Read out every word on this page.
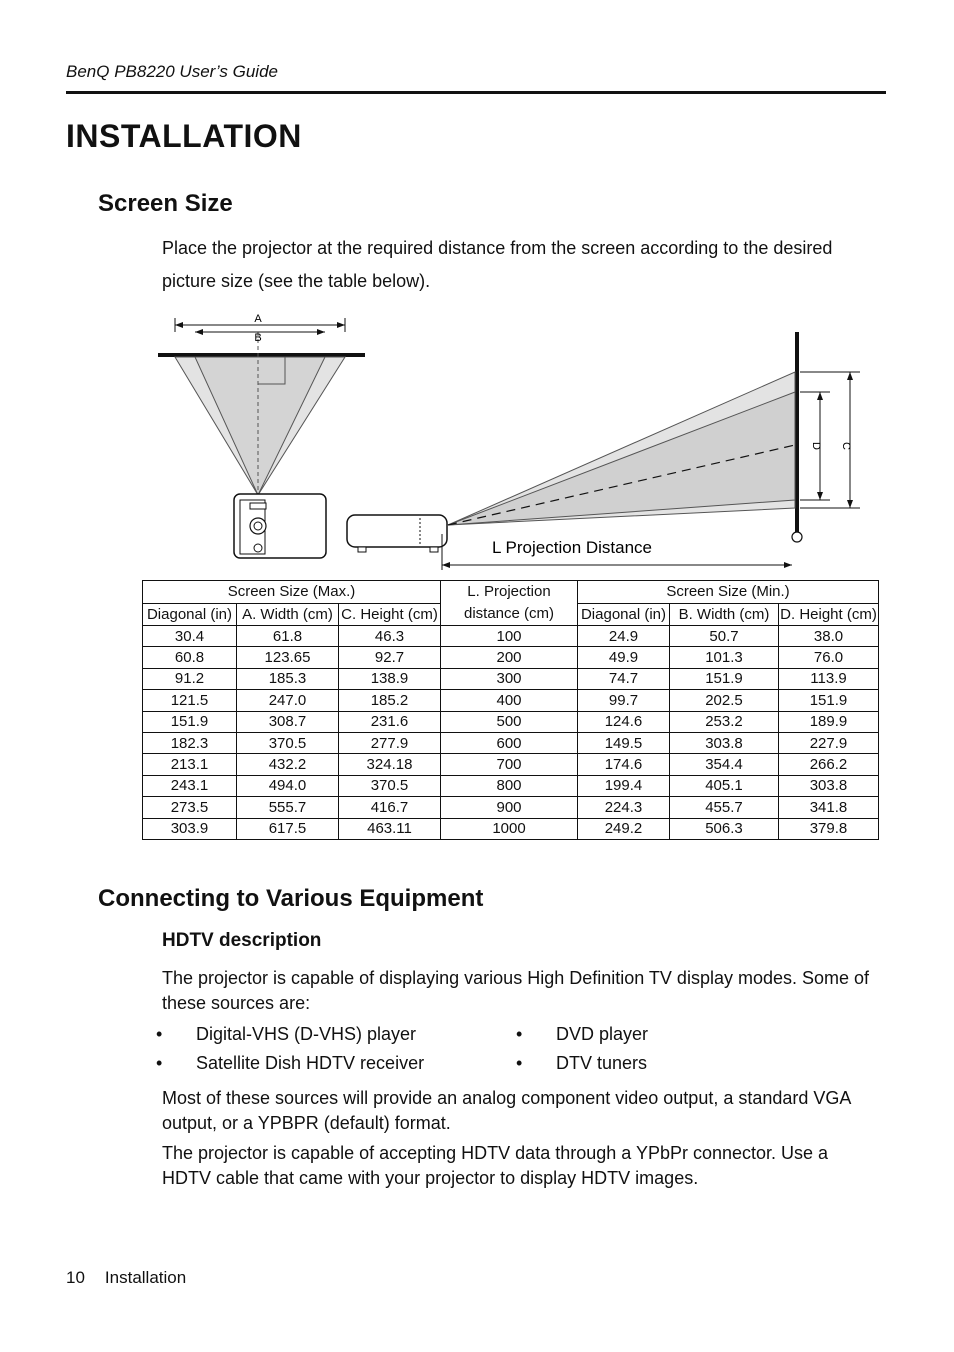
BenQ PB8220 User’s Guide
INSTALLATION
Screen Size
Place the projector at the required distance from the screen according to the desired picture size (see the table below).
A
B
C
D
L Projection Distance
Screen Size (Max.)			L. Projection distance (cm)	Screen Size (Min.)		
Diagonal (in)	A. Width (cm)	C. Height (cm)		Diagonal (in)	B. Width (cm)	D. Height (cm)
30.4	61.8	46.3	100	24.9	50.7	38.0
60.8	123.65	92.7	200	49.9	101.3	76.0
91.2	185.3	138.9	300	74.7	151.9	113.9
121.5	247.0	185.2	400	99.7	202.5	151.9
151.9	308.7	231.6	500	124.6	253.2	189.9
182.3	370.5	277.9	600	149.5	303.8	227.9
213.1	432.2	324.18	700	174.6	354.4	266.2
243.1	494.0	370.5	800	199.4	405.1	303.8
273.5	555.7	416.7	900	224.3	455.7	341.8
303.9	617.5	463.11	1000	249.2	506.3	379.8
Connecting to Various Equipment
HDTV description
The projector is capable of displaying various High Definition TV display modes. Some of these sources are:
• Digital-VHS (D-VHS) player	• DVD player
• Satellite Dish HDTV receiver	• DTV tuners
Most of these sources will provide an analog component video output, a standard VGA output, or a YPBPR (default) format.
The projector is capable of accepting HDTV data through a YPbPr connector. Use a HDTV cable that came with your projector to display HDTV images.
10 Installation
